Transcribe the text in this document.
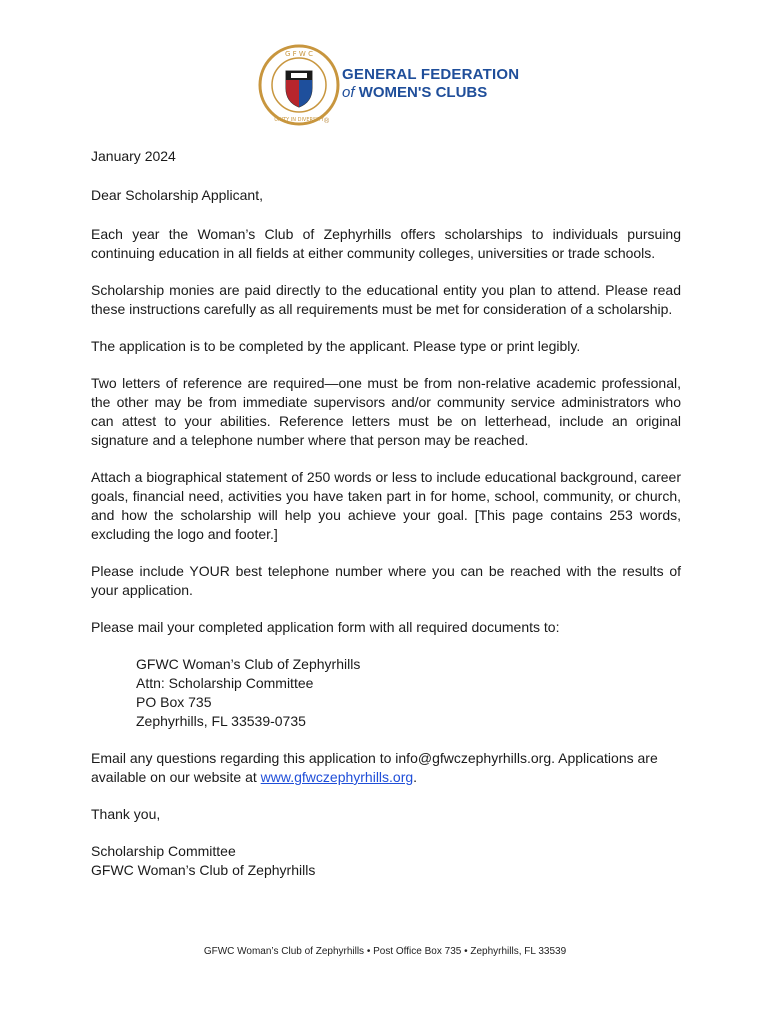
G F W C
UNITY IN DIVERSITY
GENERAL FEDERATION
of WOMEN'S CLUBS
®

January 2024

Dear Scholarship Applicant,

Each year the Woman’s Club of Zephyrhills offers scholarships to individuals pursuing continuing education in all fields at either community colleges, universities or trade schools.

Scholarship monies are paid directly to the educational entity you plan to attend. Please read these instructions carefully as all requirements must be met for consideration of a scholarship.

The application is to be completed by the applicant. Please type or print legibly.

Two letters of reference are required—one must be from non-relative academic professional, the other may be from immediate supervisors and/or community service administrators who can attest to your abilities. Reference letters must be on letterhead, include an original signature and a telephone number where that person may be reached.

Attach a biographical statement of 250 words or less to include educational background, career goals, financial need, activities you have taken part in for home, school, community, or church, and how the scholarship will help you achieve your goal. [This page contains 253 words, excluding the logo and footer.]

Please include YOUR best telephone number where you can be reached with the results of your application.

Please mail your completed application form with all required documents to:

GFWC Woman’s Club of Zephyrhills
Attn: Scholarship Committee
PO Box 735
Zephyrhills, FL 33539-0735

Email any questions regarding this application to info@gfwczephyrhills.org. Applications are available on our website at www.gfwczephyrhills.org.

Thank you,

Scholarship Committee

GFWC Woman’s Club of Zephyrhills

GFWC Woman’s Club of Zephyrhills • Post Office Box 735 • Zephyrhills, FL 33539
